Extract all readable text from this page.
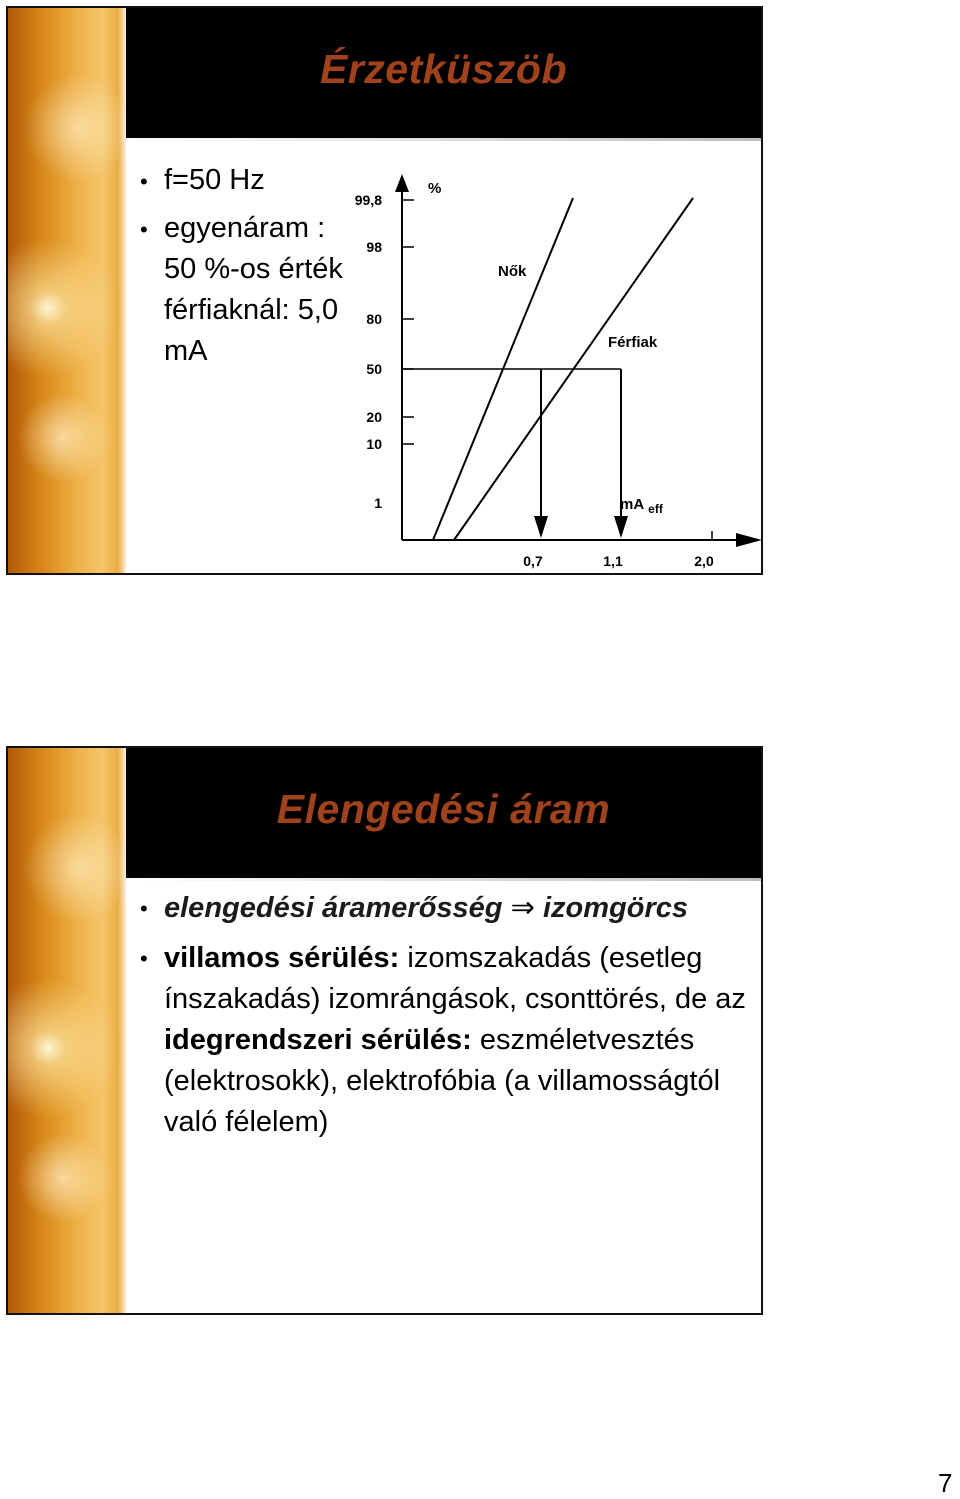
Érzetküszöb
• f=50 Hz
• egyenáram : 50 %-os érték férfiaknál: 5,0 mA
99,8
98
80
50
20
10
1
0,7	1,1	2,0
%
Nők
Férfiak
mA $_{eff}$
Elengedési áram
• elengedési áramerősség ⇒ izomgörcs
• villamos sérülés: izomszakadás (esetleg ínszakadás) izomrángások, csonttörés, de az idegrendszeri sérülés: eszméletvesztés (elektrosokk), elektrofóbia (a villamosságtól való félelem)
7
